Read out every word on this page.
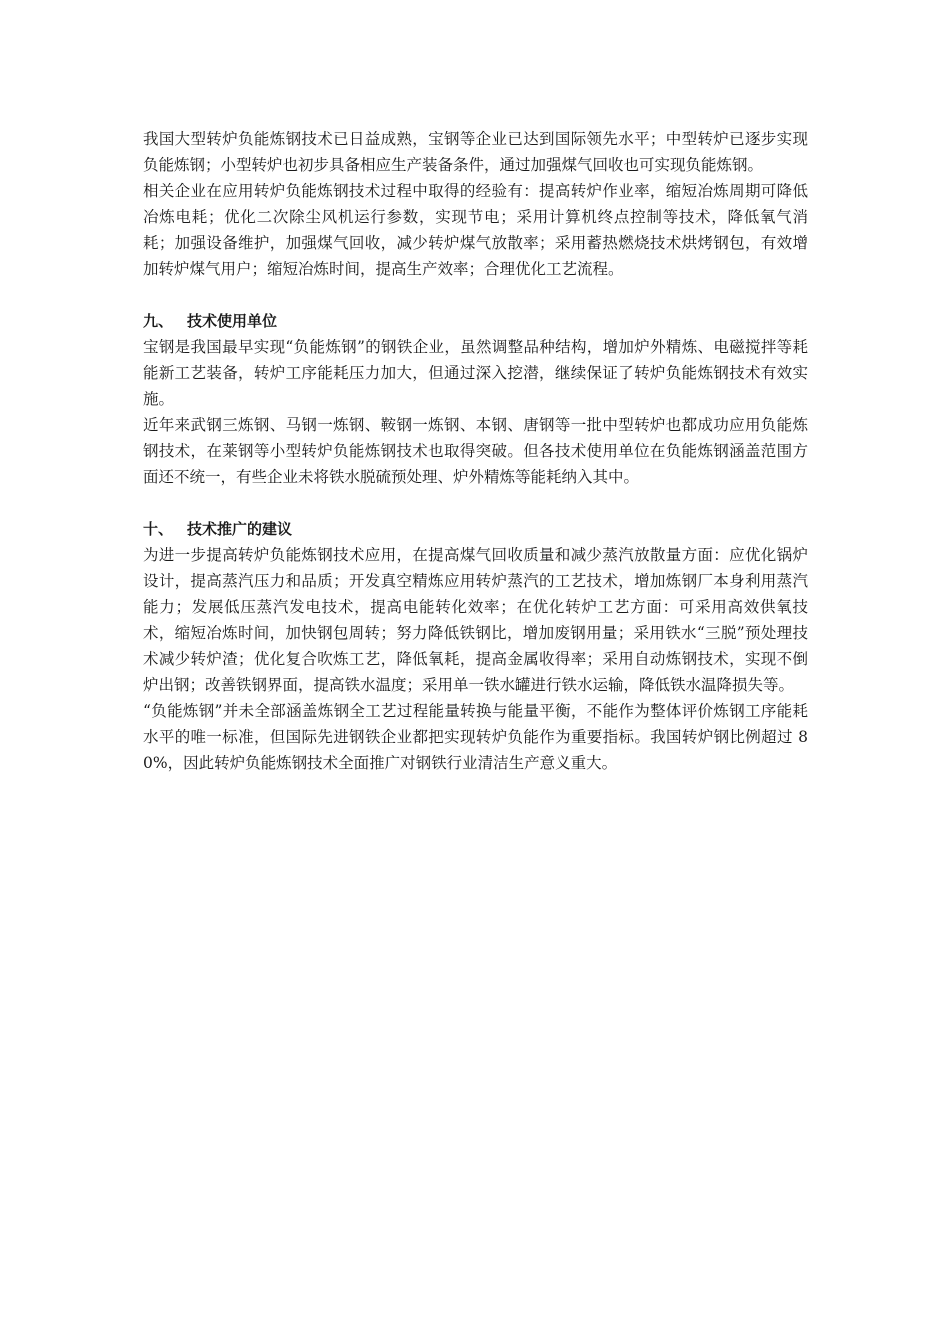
我国大型转炉负能炼钢技术已日益成熟，宝钢等企业已达到国际领先水平；中型转炉已逐步实现负能炼钢；小型转炉也初步具备相应生产装备条件，通过加强煤气回收也可实现负能炼钢。

相关企业在应用转炉负能炼钢技术过程中取得的经验有：提高转炉作业率，缩短冶炼周期可降低冶炼电耗；优化二次除尘风机运行参数，实现节电；采用计算机终点控制等技术，降低氧气消耗；加强设备维护，加强煤气回收，减少转炉煤气放散率；采用蓄热燃烧技术烘烤钢包，有效增加转炉煤气用户；缩短冶炼时间，提高生产效率；合理优化工艺流程。

九、 技术使用单位

宝钢是我国最早实现“负能炼钢”的钢铁企业，虽然调整品种结构，增加炉外精炼、电磁搅拌等耗能新工艺装备，转炉工序能耗压力加大，但通过深入挖潜，继续保证了转炉负能炼钢技术有效实施。

近年来武钢三炼钢、马钢一炼钢、鞍钢一炼钢、本钢、唐钢等一批中型转炉也都成功应用负能炼钢技术，在莱钢等小型转炉负能炼钢技术也取得突破。但各技术使用单位在负能炼钢涵盖范围方面还不统一，有些企业未将铁水脱硫预处理、炉外精炼等能耗纳入其中。

十、 技术推广的建议

为进一步提高转炉负能炼钢技术应用，在提高煤气回收质量和减少蒸汽放散量方面：应优化锅炉设计，提高蒸汽压力和品质；开发真空精炼应用转炉蒸汽的工艺技术，增加炼钢厂本身利用蒸汽能力；发展低压蒸汽发电技术，提高电能转化效率；在优化转炉工艺方面：可采用高效供氧技术，缩短冶炼时间，加快钢包周转；努力降低铁钢比，增加废钢用量；采用铁水“三脱”预处理技术减少转炉渣；优化复合吹炼工艺，降低氧耗，提高金属收得率；采用自动炼钢技术，实现不倒炉出钢；改善铁钢界面，提高铁水温度；采用单一铁水罐进行铁水运输，降低铁水温降损失等。

“负能炼钢”并未全部涵盖炼钢全工艺过程能量转换与能量平衡，不能作为整体评价炼钢工序能耗水平的唯一标准，但国际先进钢铁企业都把实现转炉负能作为重要指标。我国转炉钢比例超过 80%，因此转炉负能炼钢技术全面推广对钢铁行业清洁生产意义重大。
